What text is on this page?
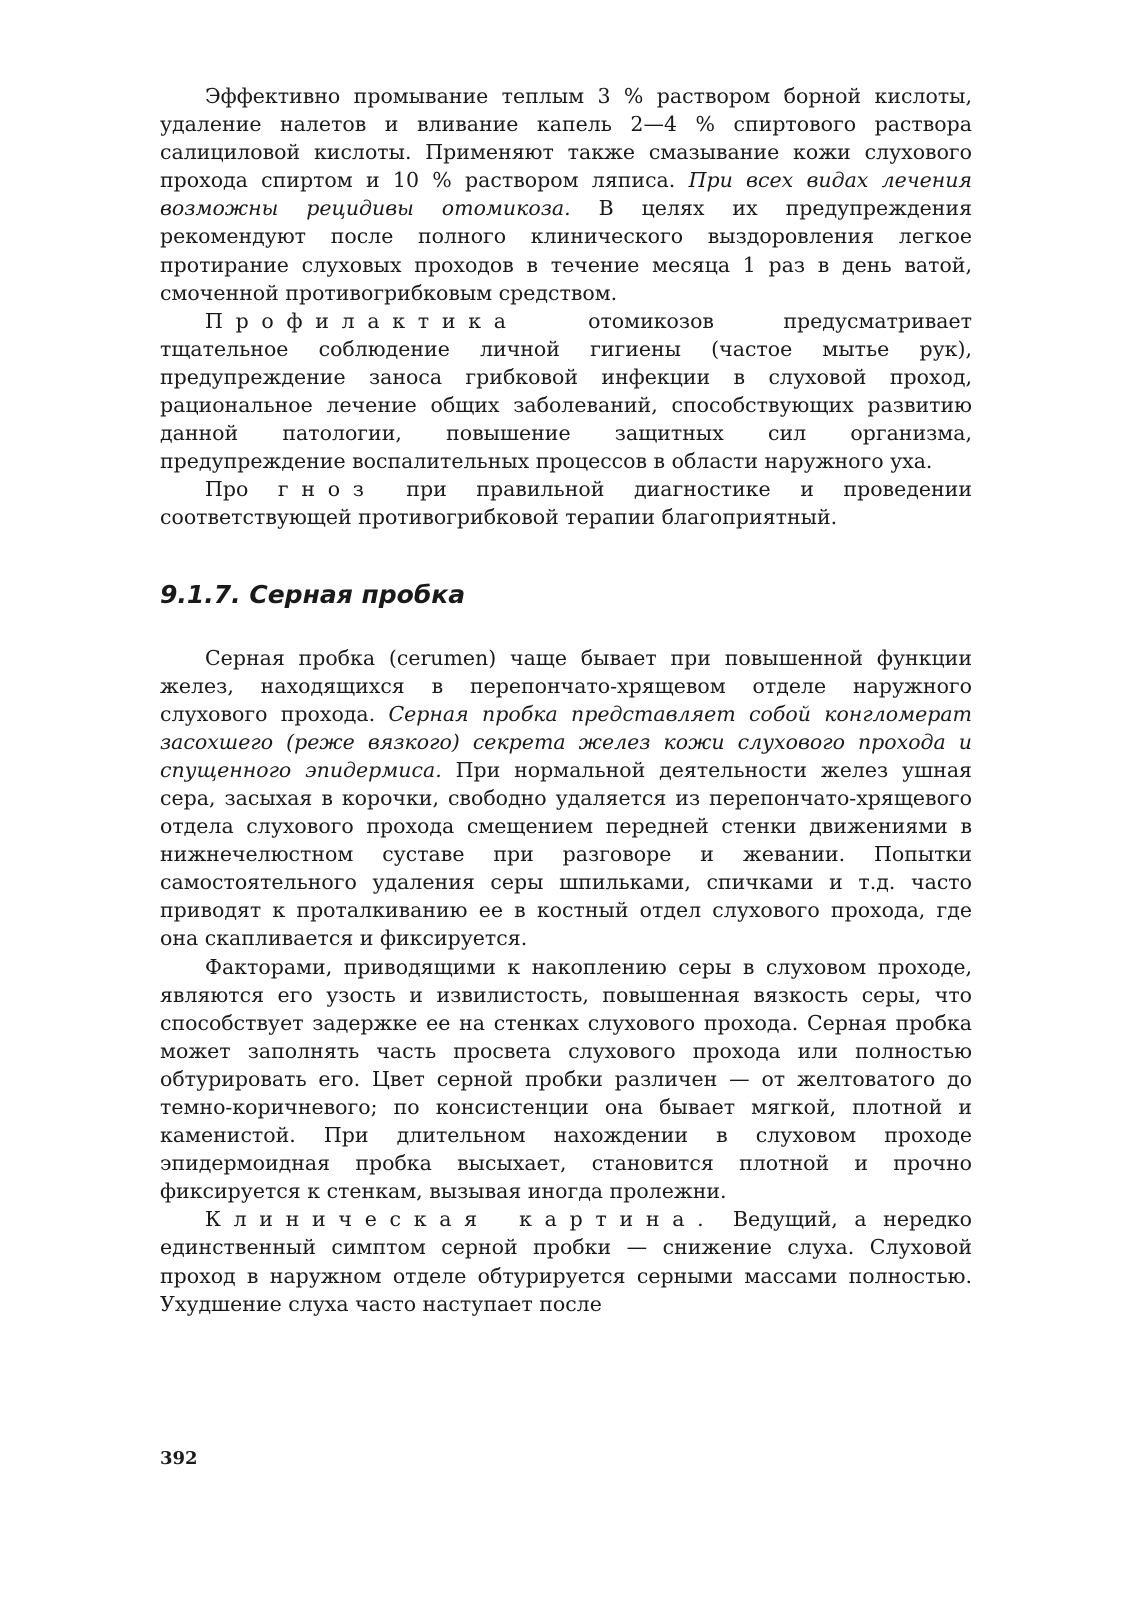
Эффективно промывание теплым 3 % раствором борной кислоты, удаление налетов и вливание капель 2—4 % спиртового раствора салициловой кислоты. Применяют также смазывание кожи слухового прохода спиртом и 10 % раствором ляписа. При всех видах лечения возможны рецидивы отомикоза. В целях их предупреждения рекомендуют после полного клинического выздоровления легкое протирание слуховых проходов в течение месяца 1 раз в день ватой, смоченной противогрибковым средством.

Профилактика отомикозов предусматривает тщательное соблюдение личной гигиены (частое мытье рук), предупреждение заноса грибковой инфекции в слуховой проход, рациональное лечение общих заболеваний, способствующих развитию данной патологии, повышение защитных сил организма, предупреждение воспалительных процессов в области наружного уха.

Про гноз при правильной диагностике и проведении соответствующей противогрибковой терапии благоприятный.

9.1.7. Серная пробка

Серная пробка (cerumen) чаще бывает при повышенной функции желез, находящихся в перепончато-хрящевом отделе наружного слухового прохода. Серная пробка представляет собой конгломерат засохшего (реже вязкого) секрета желез кожи слухового прохода и спущенного эпидермиса. При нормальной деятельности желез ушная сера, засыхая в корочки, свободно удаляется из перепончато-хрящевого отдела слухового прохода смещением передней стенки движениями в нижнечелюстном суставе при разговоре и жевании. Попытки самостоятельного удаления серы шпильками, спичками и т.д. часто приводят к проталкиванию ее в костный отдел слухового прохода, где она скапливается и фиксируется.

Факторами, приводящими к накоплению серы в слуховом проходе, являются его узость и извилистость, повышенная вязкость серы, что способствует задержке ее на стенках слухового прохода. Серная пробка может заполнять часть просвета слухового прохода или полностью обтурировать его. Цвет серной пробки различен — от желтоватого до темно-коричневого; по консистенции она бывает мягкой, плотной и каменистой. При длительном нахождении в слуховом проходе эпидермоидная пробка высыхает, становится плотной и прочно фиксируется к стенкам, вызывая иногда пролежни.

Клиническая картина. Ведущий, а нередко единственный симптом серной пробки — снижение слуха. Слуховой проход в наружном отделе обтурируется серными массами полностью. Ухудшение слуха часто наступает после

392
